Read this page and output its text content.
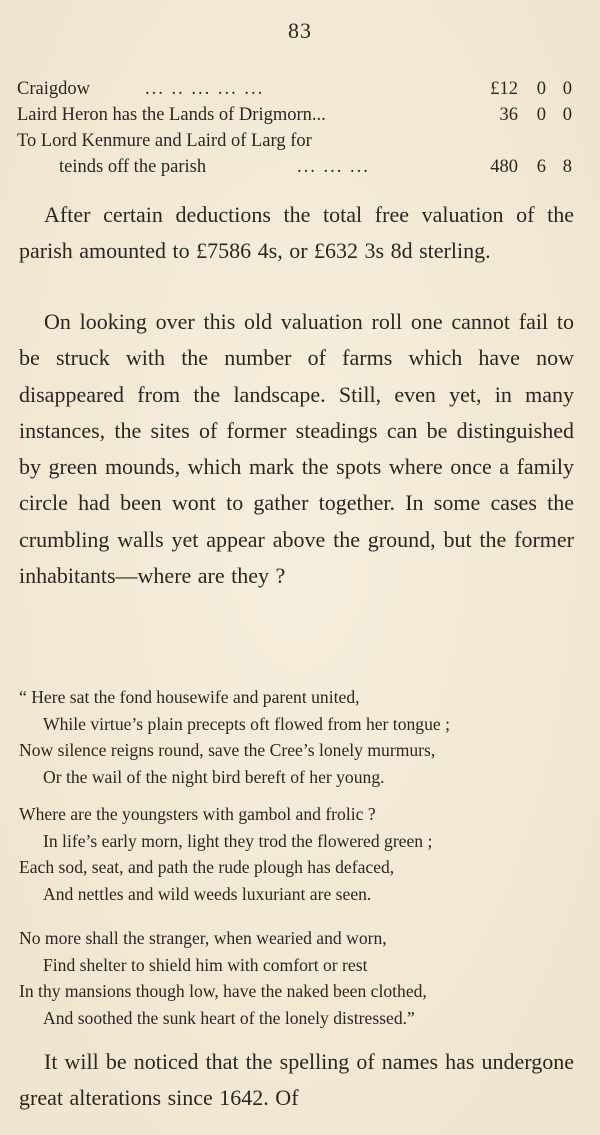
83
Craigdow	... .. ... ... ...	£12 0 0
Laird Heron has the Lands of Drigmorn...	36 0 0
To Lord Kenmure and Laird of Larg for
teinds off the parish	... ... ...	480 6 8

After certain deductions the total free valuation of the parish amounted to £7586 4s, or £632 3s 8d sterling.

On looking over this old valuation roll one cannot fail to be struck with the number of farms which have now disappeared from the landscape. Still, even yet, in many instances, the sites of former steadings can be distinguished by green mounds, which mark the spots where once a family circle had been wont to gather together. In some cases the crumbling walls yet appear above the ground, but the former inhabitants—where are they ?

“ Here sat the fond housewife and parent united,
While virtue’s plain precepts oft flowed from her tongue ;
Now silence reigns round, save the Cree’s lonely murmurs,
Or the wail of the night bird bereft of her young.
Where are the youngsters with gambol and frolic ?
In life’s early morn, light they trod the flowered green ;
Each sod, seat, and path the rude plough has defaced,
And nettles and wild weeds luxuriant are seen.
No more shall the stranger, when wearied and worn,
Find shelter to shield him with comfort or rest
In thy mansions though low, have the naked been clothed,
And soothed the sunk heart of the lonely distressed.”

It will be noticed that the spelling of names has undergone great alterations since 1642. Of
